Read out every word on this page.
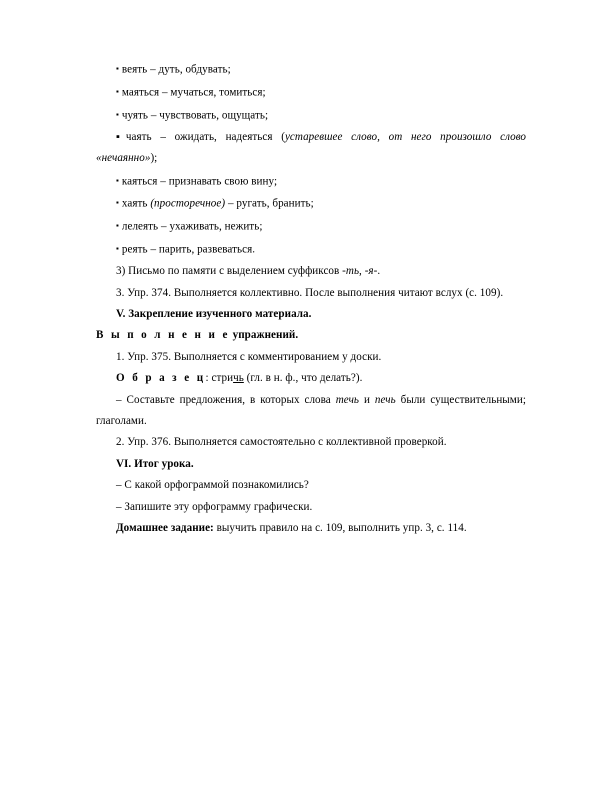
▪ веять – дуть, обдувать;

▪ маяться – мучаться, томиться;

▪ чуять – чувствовать, ощущать;

▪чаять – ожидать, надеяться (устаревшее слово, от него произошло слово «нечаянно»);

▪ каяться – признавать свою вину;

▪ хаять (просторечное) – ругать, бранить;

▪ лелеять – ухаживать, нежить;

▪ реять – парить, развеваться.

3) Письмо по памяти с выделением суффиксов -ть, -я-.

3. Упр. 374. Выполняется коллективно. После выполнения читают вслух (с. 109).

V. Закрепление изученного материала.

В ы п о л н е н и е упражнений.

1. Упр. 375. Выполняется с комментированием у доски.

О б р а з е ц: стричь (гл. в н. ф., что делать?).

– Составьте предложения, в которых слова течь и печь были существительными; глаголами.

2. Упр. 376. Выполняется самостоятельно с коллективной проверкой.

VI. Итог урока.

– С какой орфограммой познакомились?

– Запишите эту орфограмму графически.

Домашнее задание: выучить правило на с. 109, выполнить упр. 3, с. 114.
